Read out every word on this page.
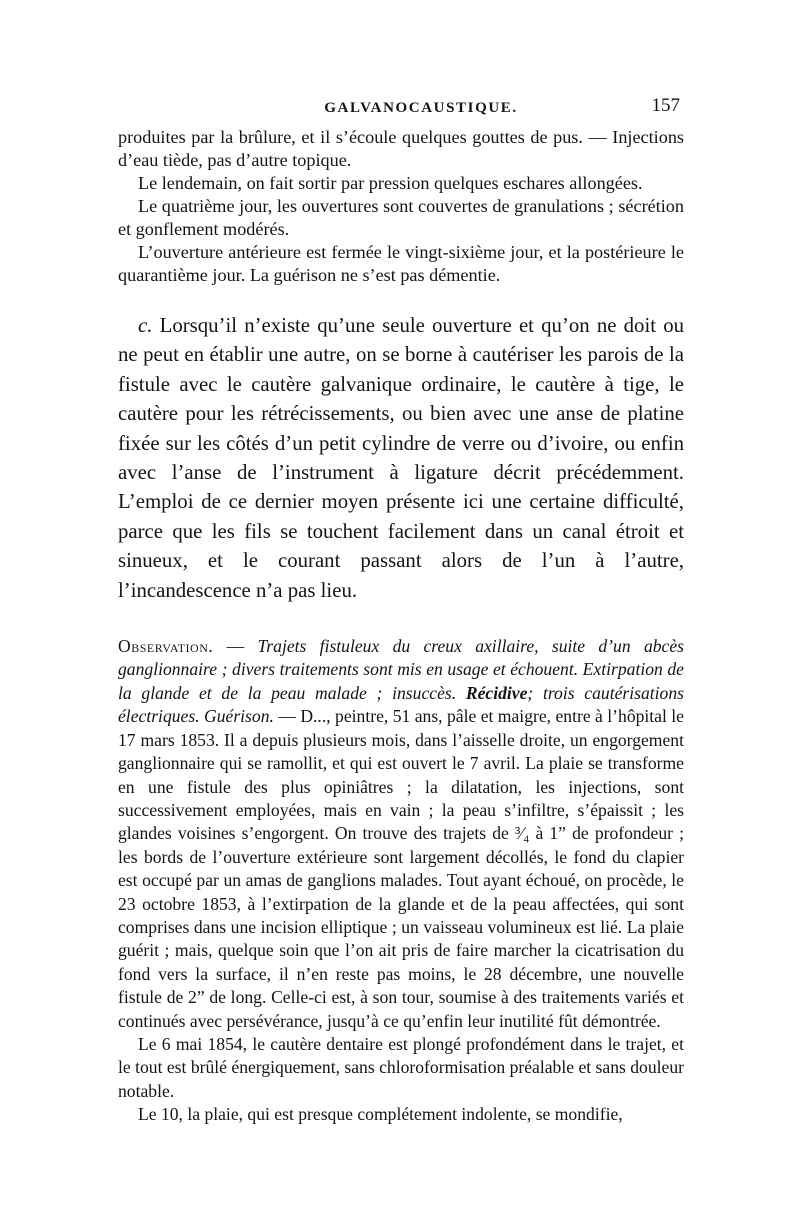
GALVANOCAUSTIQUE.	157

produites par la brûlure, et il s’écoule quelques gouttes de pus. — Injections d’eau tiède, pas d’autre topique.

Le lendemain, on fait sortir par pression quelques eschares allongées.

Le quatrième jour, les ouvertures sont couvertes de granulations ; sécrétion et gonflement modérés.

L’ouverture antérieure est fermée le vingt-sixième jour, et la postérieure le quarantième jour. La guérison ne s’est pas démentie.

c. Lorsqu’il n’existe qu’une seule ouverture et qu’on ne doit ou ne peut en établir une autre, on se borne à cautériser les parois de la fistule avec le cautère galvanique ordinaire, le cautère à tige, le cautère pour les rétrécissements, ou bien avec une anse de platine fixée sur les côtés d’un petit cylindre de verre ou d’ivoire, ou enfin avec l’anse de l’instrument à ligature décrit précédemment. L’emploi de ce dernier moyen présente ici une certaine difficulté, parce que les fils se touchent facilement dans un canal étroit et sinueux, et le courant passant alors de l’un à l’autre, l’incandescence n’a pas lieu.

Observation. — Trajets fistuleux du creux axillaire, suite d’un abcès ganglionnaire ; divers traitements sont mis en usage et échouent. Extirpation de la glande et de la peau malade ; insuccès. Récidive; trois cautérisations électriques. Guérison. — D..., peintre, 51 ans, pâle et maigre, entre à l’hôpital le 17 mars 1853. Il a depuis plusieurs mois, dans l’aisselle droite, un engorgement ganglionnaire qui se ramollit, et qui est ouvert le 7 avril. La plaie se transforme en une fistule des plus opiniâtres ; la dilatation, les injections, sont successivement employées, mais en vain ; la peau s’infiltre, s’épaissit ; les glandes voisines s’engorgent. On trouve des trajets de ³⁄₄ à 1” de profondeur ; les bords de l’ouverture extérieure sont largement décollés, le fond du clapier est occupé par un amas de ganglions malades. Tout ayant échoué, on procède, le 23 octobre 1853, à l’extirpation de la glande et de la peau affectées, qui sont comprises dans une incision elliptique ; un vaisseau volumineux est lié. La plaie guérit ; mais, quelque soin que l’on ait pris de faire marcher la cicatrisation du fond vers la surface, il n’en reste pas moins, le 28 décembre, une nouvelle fistule de 2” de long. Celle-ci est, à son tour, soumise à des traitements variés et continués avec persévérance, jusqu’à ce qu’enfin leur inutilité fût démontrée.

Le 6 mai 1854, le cautère dentaire est plongé profondément dans le trajet, et le tout est brûlé énergiquement, sans chloroformisation préalable et sans douleur notable.

Le 10, la plaie, qui est presque complétement indolente, se mondifie,
